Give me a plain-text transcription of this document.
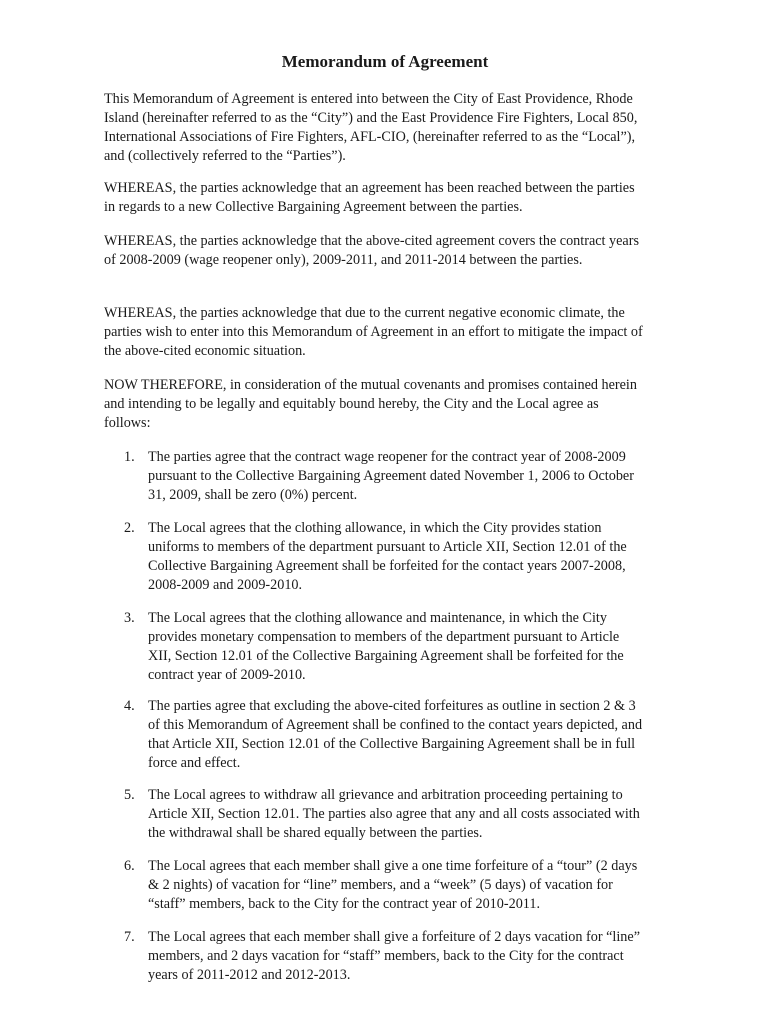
Memorandum of Agreement

This Memorandum of Agreement is entered into between the City of East Providence, Rhode Island (hereinafter referred to as the “City”) and the East Providence Fire Fighters, Local 850, International Associations of Fire Fighters, AFL-CIO, (hereinafter referred to as the “Local”), and (collectively referred to the “Parties”).

WHEREAS, the parties acknowledge that an agreement has been reached between the parties in regards to a new Collective Bargaining Agreement between the parties.

WHEREAS, the parties acknowledge that the above-cited agreement covers the contract years of 2008-2009 (wage reopener only), 2009-2011, and 2011-2014 between the parties.

WHEREAS, the parties acknowledge that due to the current negative economic climate, the parties wish to enter into this Memorandum of Agreement in an effort to mitigate the impact of the above-cited economic situation.

NOW THEREFORE, in consideration of the mutual covenants and promises contained herein and intending to be legally and equitably bound hereby, the City and the Local agree as follows:

1. The parties agree that the contract wage reopener for the contract year of 2008-2009 pursuant to the Collective Bargaining Agreement dated November 1, 2006 to October 31, 2009, shall be zero (0%) percent.
2. The Local agrees that the clothing allowance, in which the City provides station uniforms to members of the department pursuant to Article XII, Section 12.01 of the Collective Bargaining Agreement shall be forfeited for the contact years 2007-2008, 2008-2009 and 2009-2010.
3. The Local agrees that the clothing allowance and maintenance, in which the City provides monetary compensation to members of the department pursuant to Article XII, Section 12.01 of the Collective Bargaining Agreement shall be forfeited for the contract year of 2009-2010.
4. The parties agree that excluding the above-cited forfeitures as outline in section 2 & 3 of this Memorandum of Agreement shall be confined to the contact years depicted, and that Article XII, Section 12.01 of the Collective Bargaining Agreement shall be in full force and effect.
5. The Local agrees to withdraw all grievance and arbitration proceeding pertaining to Article XII, Section 12.01. The parties also agree that any and all costs associated with the withdrawal shall be shared equally between the parties.
6. The Local agrees that each member shall give a one time forfeiture of a “tour” (2 days & 2 nights) of vacation for “line” members, and a “week” (5 days) of vacation for “staff” members, back to the City for the contract year of 2010-2011.
7. The Local agrees that each member shall give a forfeiture of 2 days vacation for “line” members, and 2 days vacation for “staff” members, back to the City for the contract years of 2011-2012 and 2012-2013.
